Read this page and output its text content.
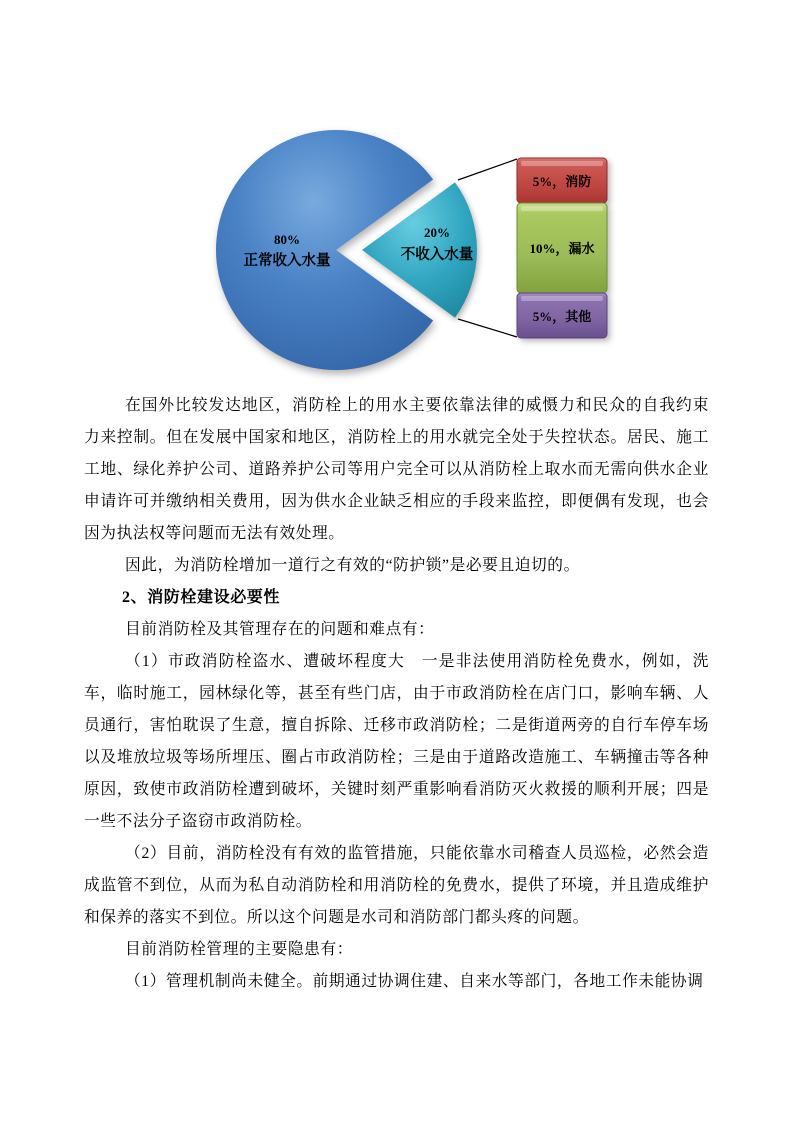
80%
正常收入水量
20%
不收入水量
5%，消防
10%，漏水
5%，其他

在国外比较发达地区，消防栓上的用水主要依靠法律的威慑力和民众的自我约束力来控制。但在发展中国家和地区，消防栓上的用水就完全处于失控状态。居民、施工工地、绿化养护公司、道路养护公司等用户完全可以从消防栓上取水而无需向供水企业申请许可并缴纳相关费用，因为供水企业缺乏相应的手段来监控，即便偶有发现，也会因为执法权等问题而无法有效处理。

因此，为消防栓增加一道行之有效的“防护锁”是必要且迫切的。

2、消防栓建设必要性

目前消防栓及其管理存在的问题和难点有：

（1）市政消防栓盗水、遭破坏程度大　一是非法使用消防栓免费水，例如，洗车，临时施工，园林绿化等，甚至有些门店，由于市政消防栓在店门口，影响车辆、人员通行，害怕耽误了生意，擅自拆除、迁移市政消防栓；二是街道两旁的自行车停车场以及堆放垃圾等场所埋压、圈占市政消防栓；三是由于道路改造施工、车辆撞击等各种原因，致使市政消防栓遭到破坏，关键时刻严重影响看消防灭火救援的顺利开展；四是一些不法分子盗窃市政消防栓。

（2）目前，消防栓没有有效的监管措施，只能依靠水司稽查人员巡检，必然会造成监管不到位，从而为私自动消防栓和用消防栓的免费水，提供了环境，并且造成维护和保养的落实不到位。所以这个问题是水司和消防部门都头疼的问题。

目前消防栓管理的主要隐患有：

（1）管理机制尚未健全。前期通过协调住建、自来水等部门，各地工作未能协调
